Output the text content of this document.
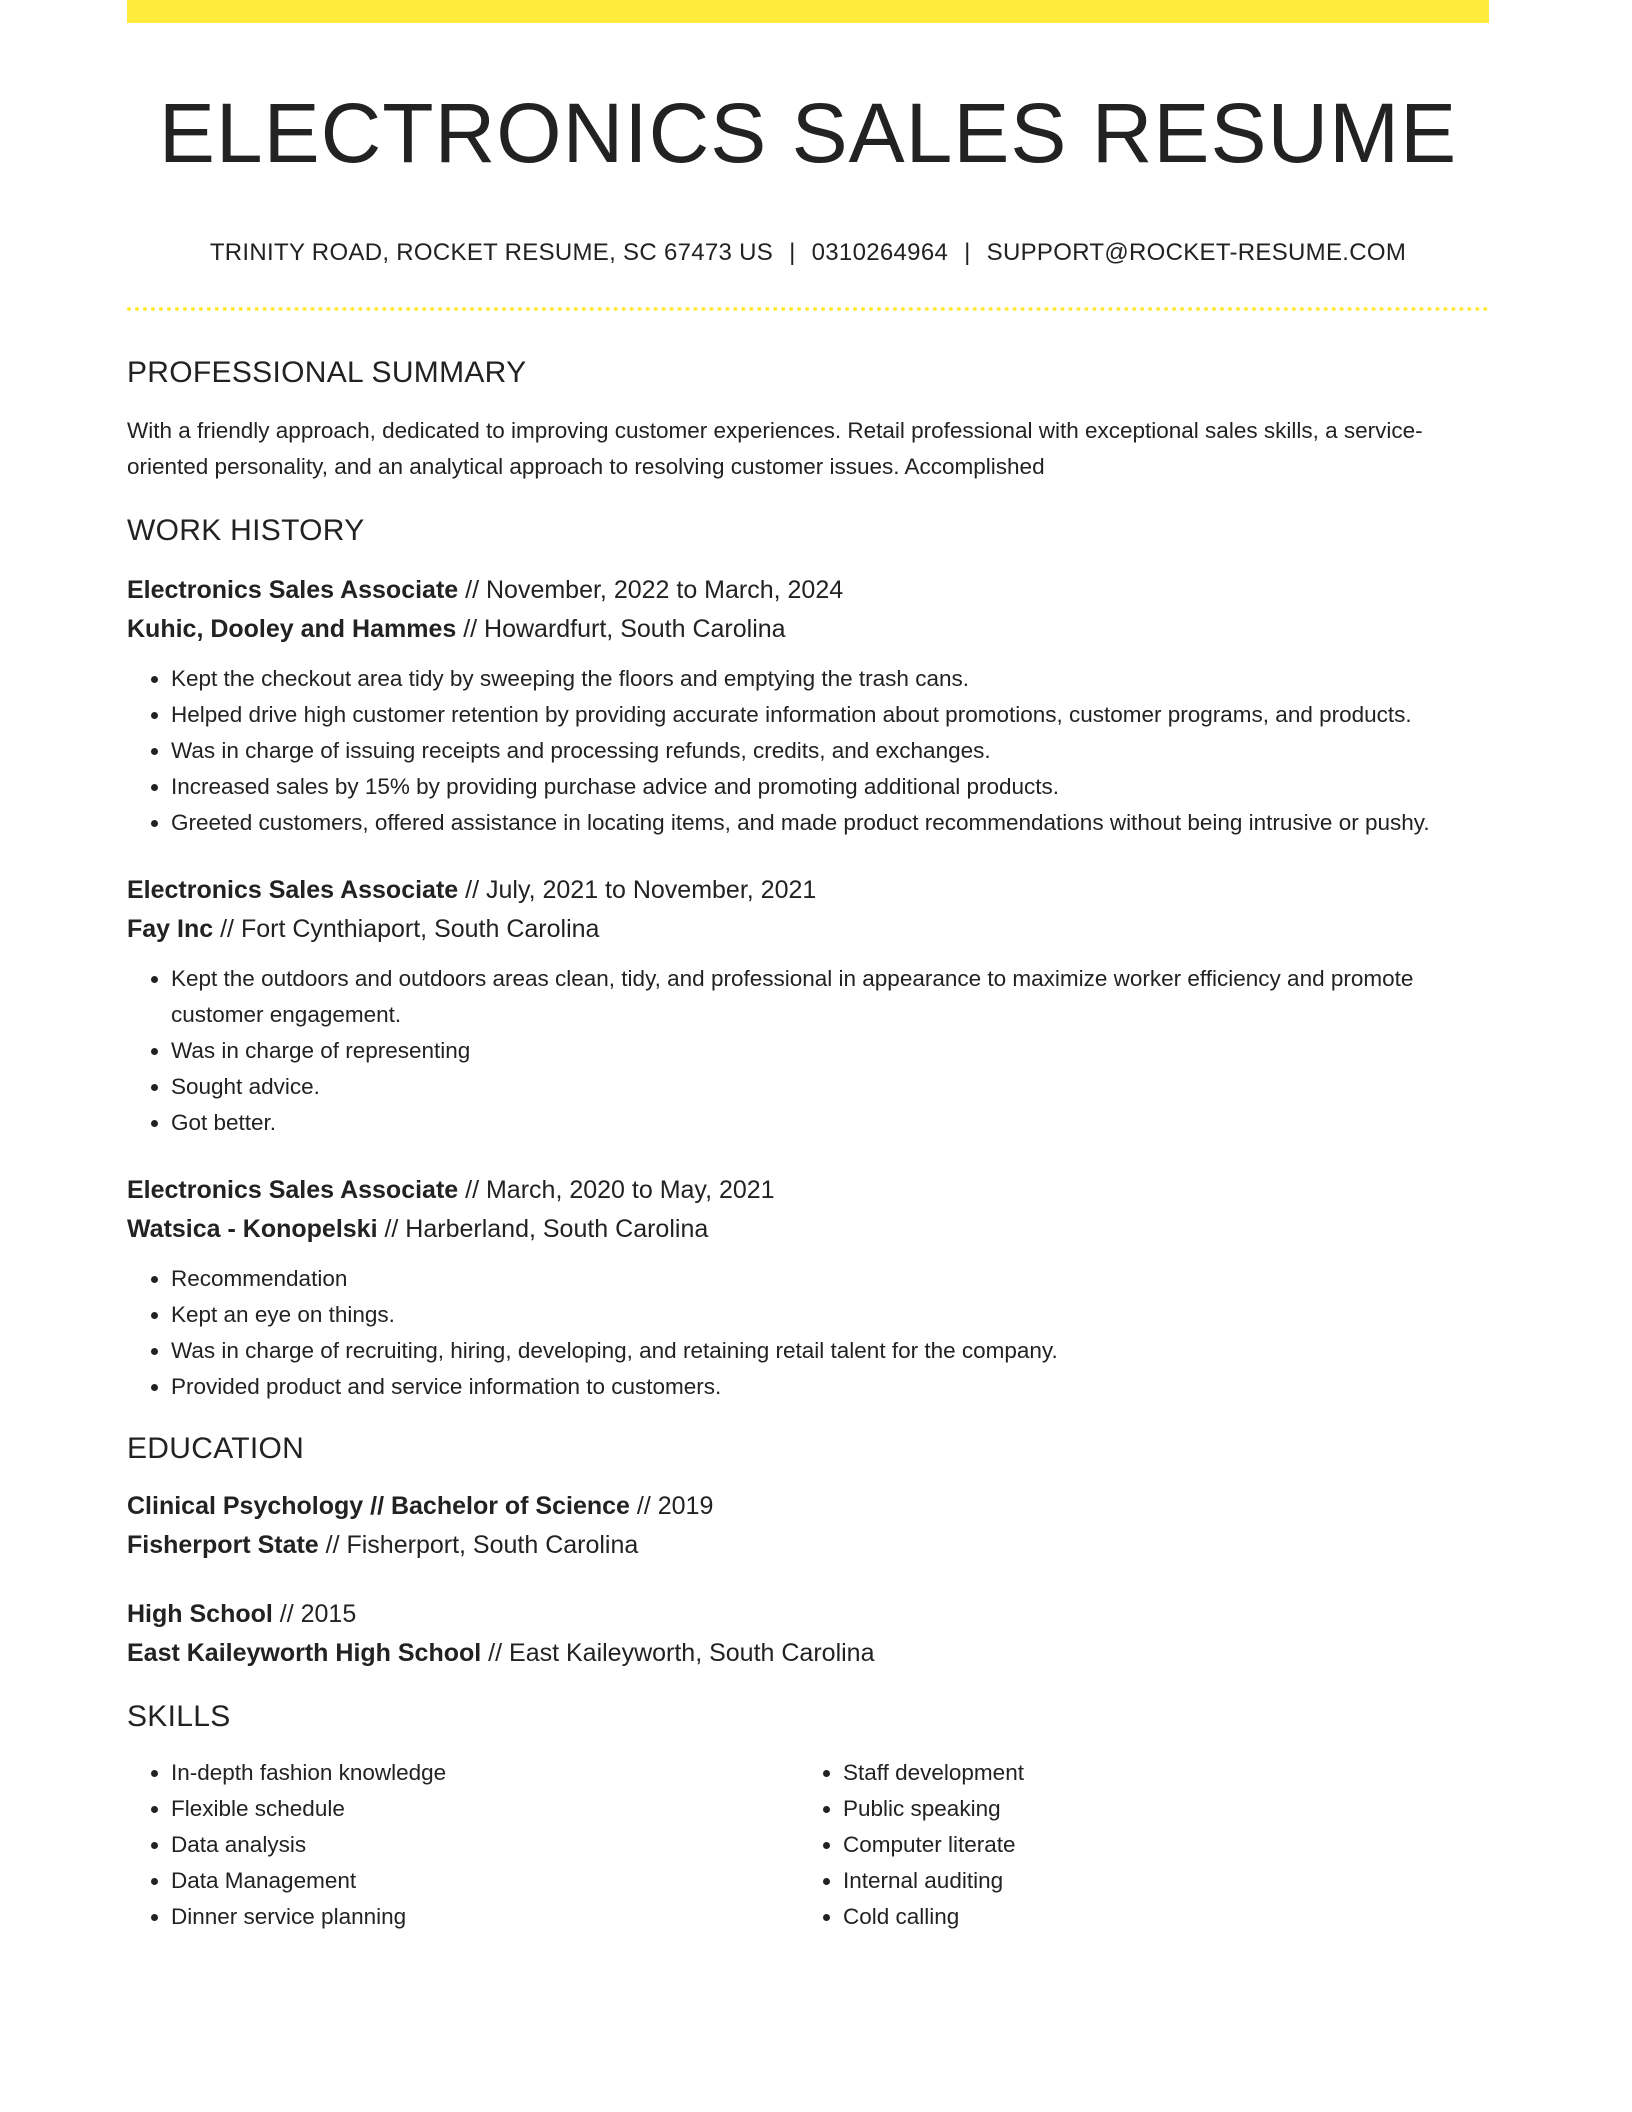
ELECTRONICS SALES RESUME
TRINITY ROAD, ROCKET RESUME, SC 67473 US | 0310264964 | SUPPORT@ROCKET-RESUME.COM
PROFESSIONAL SUMMARY
With a friendly approach, dedicated to improving customer experiences. Retail professional with exceptional sales skills, a service-oriented personality, and an analytical approach to resolving customer issues. Accomplished
WORK HISTORY
Electronics Sales Associate // November, 2022 to March, 2024
Kuhic, Dooley and Hammes // Howardfurt, South Carolina
• Kept the checkout area tidy by sweeping the floors and emptying the trash cans.
• Helped drive high customer retention by providing accurate information about promotions, customer programs, and products.
• Was in charge of issuing receipts and processing refunds, credits, and exchanges.
• Increased sales by 15% by providing purchase advice and promoting additional products.
• Greeted customers, offered assistance in locating items, and made product recommendations without being intrusive or pushy.
Electronics Sales Associate // July, 2021 to November, 2021
Fay Inc // Fort Cynthiaport, South Carolina
• Kept the outdoors and outdoors areas clean, tidy, and professional in appearance to maximize worker efficiency and promote customer engagement.
• Was in charge of representing
• Sought advice.
• Got better.
Electronics Sales Associate // March, 2020 to May, 2021
Watsica - Konopelski // Harberland, South Carolina
• Recommendation
• Kept an eye on things.
• Was in charge of recruiting, hiring, developing, and retaining retail talent for the company.
• Provided product and service information to customers.
EDUCATION
Clinical Psychology // Bachelor of Science // 2019
Fisherport State // Fisherport, South Carolina
High School // 2015
East Kaileyworth High School // East Kaileyworth, South Carolina
SKILLS
• In-depth fashion knowledge
• Flexible schedule
• Data analysis
• Data Management
• Dinner service planning
• Staff development
• Public speaking
• Computer literate
• Internal auditing
• Cold calling
